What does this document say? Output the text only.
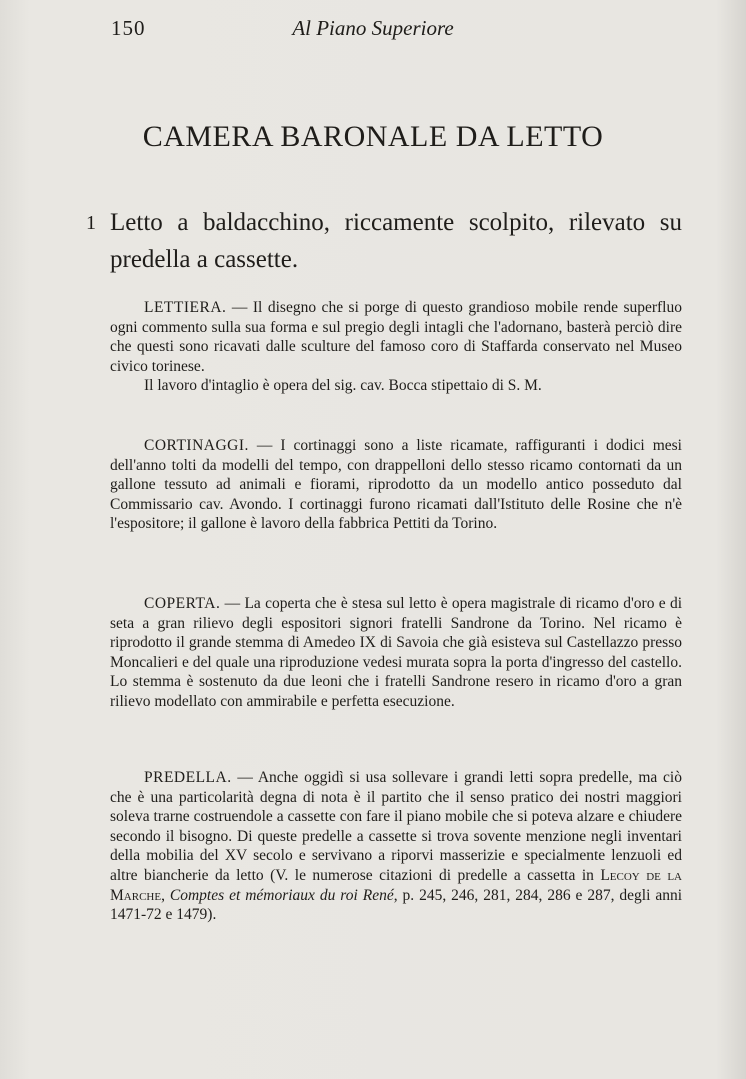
150	Al Piano Superiore
CAMERA BARONALE DA LETTO
1 Letto a baldacchino, riccamente scolpito, rilevato su predella a cassette.

LETTIERA. — Il disegno che si porge di questo grandioso mobile rende superfluo ogni commento sulla sua forma e sul pregio degli intagli che l'adornano, basterà perciò dire che questi sono ricavati dalle sculture del famoso coro di Staffarda conservato nel Museo civico torinese.

Il lavoro d'intaglio è opera del sig. cav. Bocca stipettaio di S. M.

CORTINAGGI. — I cortinaggi sono a liste ricamate, raffiguranti i dodici mesi dell'anno tolti da modelli del tempo, con drappelloni dello stesso ricamo contornati da un gallone tessuto ad animali e fiorami, riprodotto da un modello antico posseduto dal Commissario cav. Avondo. I cortinaggi furono ricamati dall'Istituto delle Rosine che n'è l'espositore; il gallone è lavoro della fabbrica Pettiti da Torino.

COPERTA. — La coperta che è stesa sul letto è opera magistrale di ricamo d'oro e di seta a gran rilievo degli espositori signori fratelli Sandrone da Torino. Nel ricamo è riprodotto il grande stemma di Amedeo IX di Savoia che già esisteva sul Castellazzo presso Moncalieri e del quale una riproduzione vedesi murata sopra la porta d'ingresso del castello. Lo stemma è sostenuto da due leoni che i fratelli Sandrone resero in ricamo d'oro a gran rilievo modellato con ammirabile e perfetta esecuzione.

PREDELLA. — Anche oggidì si usa sollevare i grandi letti sopra predelle, ma ciò che è una particolarità degna di nota è il partito che il senso pratico dei nostri maggiori soleva trarne costruendole a cassette con fare il piano mobile che si poteva alzare e chiudere secondo il bisogno. Di queste predelle a cassette si trova sovente menzione negli inventari della mobilia del XV secolo e servivano a riporvi masserizie e specialmente lenzuoli ed altre biancherie da letto (V. le numerose citazioni di predelle a cassetta in Lecoy de la Marche, Comptes et mémoriaux du roi René, p. 245, 246, 281, 284, 286 e 287, degli anni 1471-72 e 1479).
